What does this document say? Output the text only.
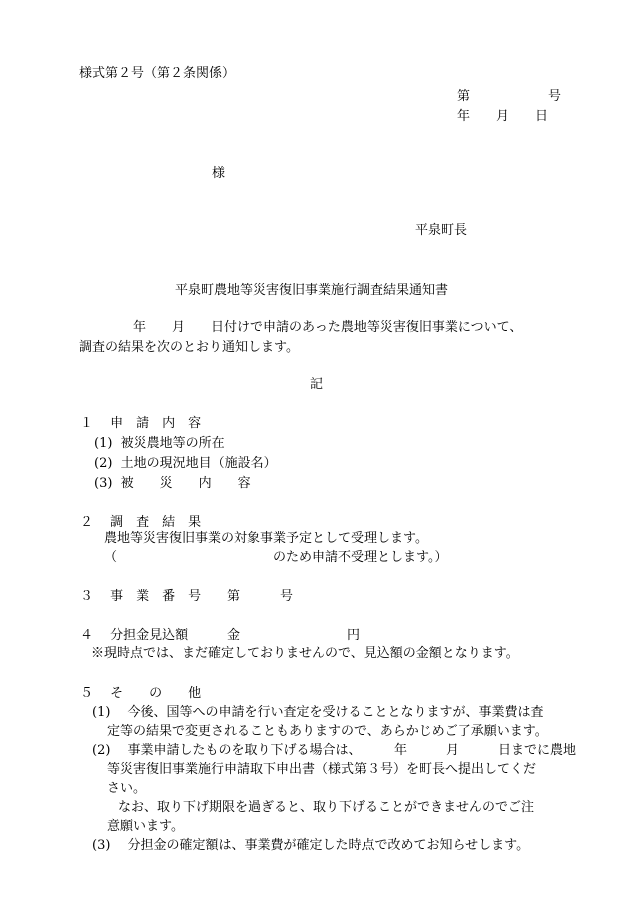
様式第２号（第２条関係）
第　　　　　　号
年　　月　　日
様
平泉町長
平泉町農地等災害復旧事業施行調査結果通知書
年　　月　　日付けで申請のあった農地等災害復旧事業について、
調査の結果を次のとおり通知します。
記
１　 申　請　内　容
(1)  被災農地等の所在
(2)  土地の現況地目（施設名）
(3)  被　　災　　内　　容
２　 調　査　結　果
農地等災害復旧事業の対象事業予定として受理します。
（	のため申請不受理とします。）
３　 事　業　番　号 第	号
４　 分担金見込額	金	円
※現時点では、まだ確定しておりませんので、見込額の金額となります。
５　 そ　　の　　他
(1)　 今後、国等への申請を行い査定を受けることとなりますが、事業費は査
定等の結果で変更されることもありますので、あらかじめご了承願います。
(2)　 事業申請したものを取り下げる場合は、　　　年　　　月　　　日までに農地
等災害復旧事業施行申請取下申出書（様式第３号）を町長へ提出してくだ
さい。
なお、取り下げ期限を過ぎると、取り下げることができませんのでご注
意願います。
(3)　 分担金の確定額は、事業費が確定した時点で改めてお知らせします。
